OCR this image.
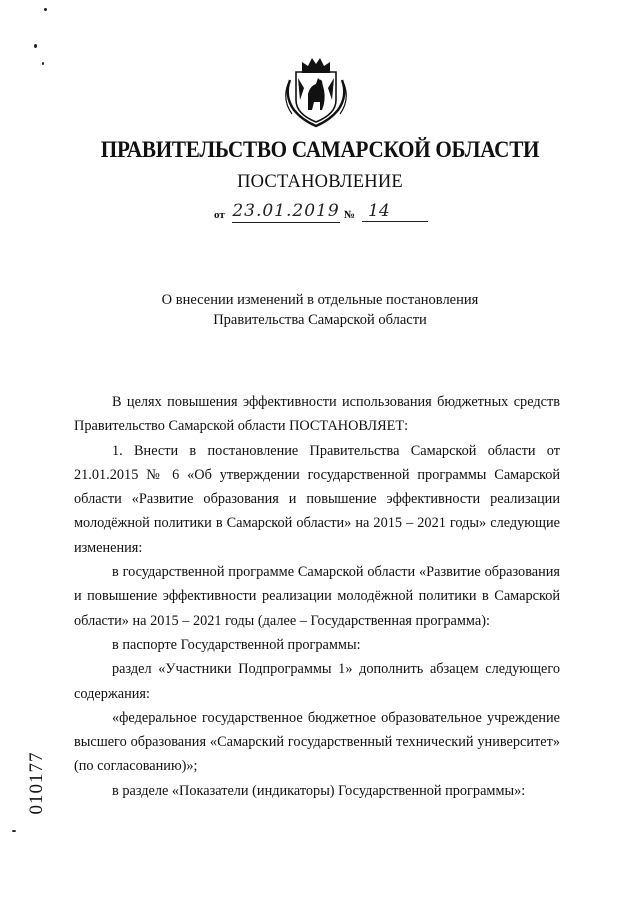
ПРАВИТЕЛЬСТВО САМАРСКОЙ ОБЛАСТИ
ПОСТАНОВЛЕНИЕ
от 23.01.2019 № 14
О внесении изменений в отдельные постановления
Правительства Самарской области

В целях повышения эффективности использования бюджетных средств Правительство Самарской области ПОСТАНОВЛЯЕТ:

1. Внести в постановление Правительства Самарской области от 21.01.2015 № 6 «Об утверждении государственной программы Самарской области «Развитие образования и повышение эффективности реализации молодёжной политики в Самарской области» на 2015 – 2021 годы» следующие изменения:

в государственной программе Самарской области «Развитие образования и повышение эффективности реализации молодёжной политики в Самарской области» на 2015 – 2021 годы (далее – Государственная программа):

в паспорте Государственной программы:

раздел «Участники Подпрограммы 1» дополнить абзацем следующего содержания:

«федеральное государственное бюджетное образовательное учреждение высшего образования «Самарский государственный технический университет» (по согласованию)»;

в разделе «Показатели (индикаторы) Государственной программы»:

010177
